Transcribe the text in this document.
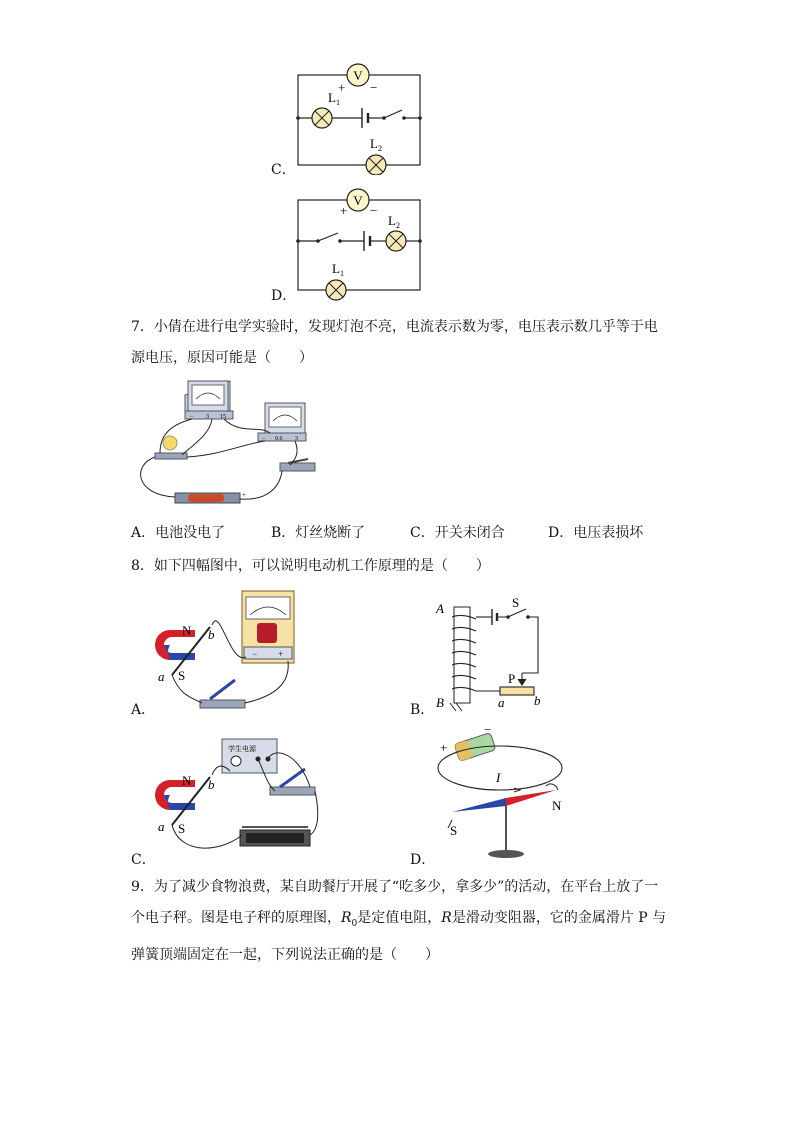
C．
V
+ −
$L_1$
$L_2$
D．
V
+ −
$L_2$
$L_1$
7．小倩在进行电学实验时，发现灯泡不亮，电流表示数为零，电压表示数几乎等于电
源电压，原因可能是（　　）
− 3 15
− 0.6 3
+
A．电池没电了	B．灯丝烧断了	C．开关未闭合	D．电压表损坏
8．如下四幅图中，可以说明电动机工作原理的是（　　）
A．
N
S
a
b
− +
B．
A
B
S
P
a b
C．
学生电源
N
S
a
b
D．
+
−
I
S
N
9．为了减少食物浪费，某自助餐厅开展了“吃多少，拿多少”的活动，在平台上放了一
个电子秤。图是电子秤的原理图，$R_0$是定值电阻，R是滑动变阻器，它的金属滑片 P 与
弹簧顶端固定在一起，下列说法正确的是（　　）
